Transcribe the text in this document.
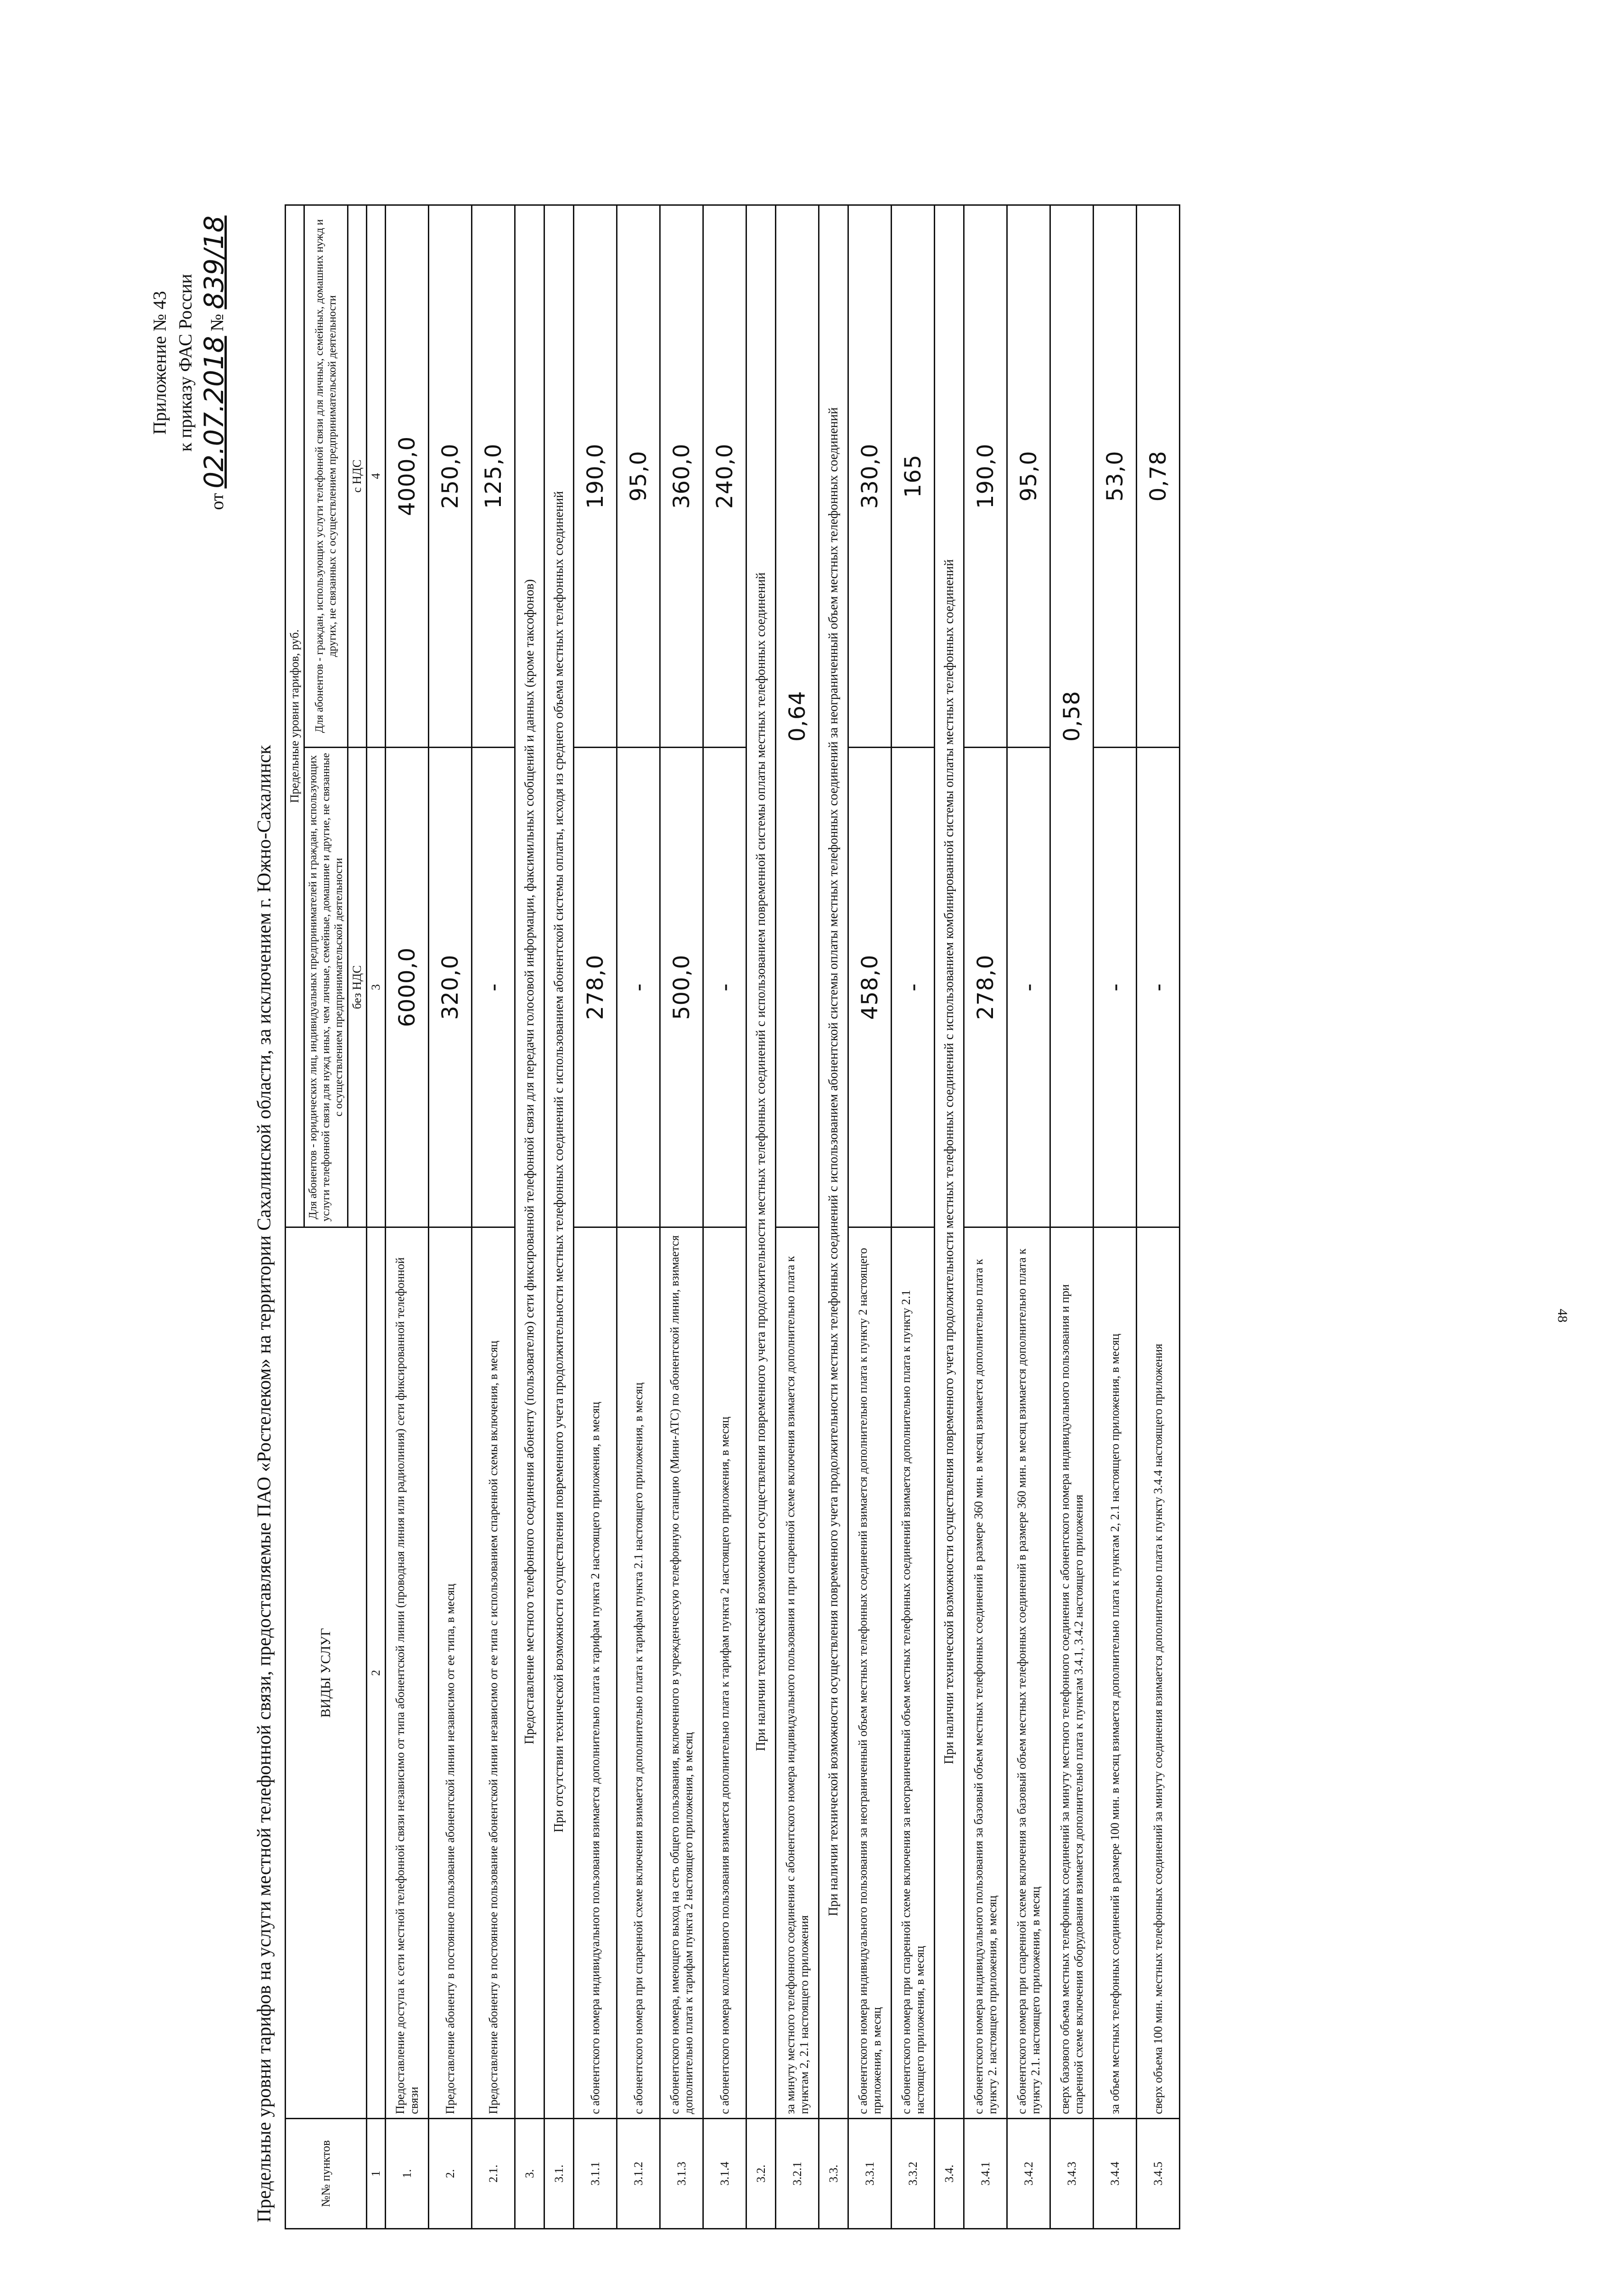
Приложение № 43 к приказу ФАС России
от 02.07.2018 № 839/18
Предельные уровни тарифов на услуги местной телефонной связи, предоставляемые ПАО «Ростелеком» на территории Сахалинской области, за исключением г. Южно-Сахалинск	№№ пунктов	ВИДЫ УСЛУГ	Предельные уровни тарифов, руб.	
		Для абонентов - юридических лиц, индивидуальных предпринимателей и граждан, использующих услуги телефонной связи для нужд иных, чем личные, семейные, домашние и другие, не связанные с осуществлением предпринимательской деятельности	Для абонентов - граждан, использующих услуги телефонной связи для личных, семейных, домашних нужд и других, не связанных с осуществлением предпринимательской деятельности
		без НДС	с НДС
1	2	3	4
1.	Предоставление доступа к сети местной телефонной связи независимо от типа абонентской линии (проводная линия или радиолиния) сети фиксированной телефонной связи	6000,0	4000,0
2.	Предоставление абоненту в постоянное пользование абонентской линии независимо от ее типа, в месяц	320,0	250,0
2.1.	Предоставление абоненту в постоянное пользование абонентской линии независимо от ее типа с использованием спаренной схемы включения, в месяц	-	125,0
3.	Предоставление местного телефонного соединения абоненту (пользователю) сети фиксированной телефонной связи для передачи голосовой информации, факсимильных сообщений и данных (кроме таксофонов)		
3.1.	При отсутствии технической возможности осуществления повременного учета продолжительности местных телефонных соединений с использованием абонентской системы оплаты, исходя из среднего объема местных телефонных соединений		
3.1.1	с абонентского номера индивидуального пользования взимается дополнительно плата к тарифам пункта 2 настоящего приложения, в месяц	278,0	190,0
3.1.2	с абонентского номера при спаренной схеме включения взимается дополнительно плата к тарифам пункта 2.1 настоящего приложения, в месяц	-	95,0
3.1.3	с абонентского номера, имеющего выход на сеть общего пользования, включенного в учрежденческую телефонную станцию (Мини-АТС) по абонентской линии, взимается дополнительно плата к тарифам пункта 2 настоящего приложения, в месяц	500,0	360,0
3.1.4	с абонентского номера коллективного пользования взимается дополнительно плата к тарифам пункта 2 настоящего приложения, в месяц	-	240,0
3.2.	При наличии технической возможности осуществления повременного учета продолжительности местных телефонных соединений с использованием повременной системы оплаты местных телефонных соединений		
3.2.1	за минуту местного телефонного соединения с абонентского номера индивидуального пользования и при спаренной схеме включения взимается дополнительно плата к пунктам 2, 2.1 настоящего приложения	0,64	
3.3.	При наличии технической возможности осуществления повременного учета продолжительности местных телефонных соединений с использованием абонентской системы оплаты местных телефонных соединений за неограниченный объем местных телефонных соединений		
3.3.1	с абонентского номера индивидуального пользования за неограниченный объем местных телефонных соединений взимается дополнительно плата к пункту 2 настоящего приложения, в месяц	458,0	330,0
3.3.2	с абонентского номера при спаренной схеме включения за неограниченный объем местных телефонных соединений взимается дополнительно плата к пункту 2.1 настоящего приложения, в месяц	-	165
3.4.	При наличии технической возможности осуществления повременного учета продолжительности местных телефонных соединений с использованием комбинированной системы оплаты местных телефонных соединений		
3.4.1	с абонентского номера индивидуального пользования за базовый объем местных телефонных соединений в размере 360 мин. в месяц взимается дополнительно плата к пункту 2. настоящего приложения, в месяц	278,0	190,0
3.4.2	с абонентского номера при спаренной схеме включения за базовый объем местных телефонных соединений в размере 360 мин. в месяц взимается дополнительно плата к пункту 2.1. настоящего приложения, в месяц	-	95,0
3.4.3	сверх базового объема местных телефонных соединений за минуту местного телефонного соединения с абонентского номера индивидуального пользования и при спаренной схеме включения оборудования взимается дополнительно плата к пунктам 3.4.1, 3.4.2 настоящего приложения	0,58	
3.4.4	за объем местных телефонных соединений в размере 100 мин. в месяц взимается дополнительно плата к пунктам 2, 2.1 настоящего приложения, в месяц	-	53,0
3.4.5	сверх объема 100 мин. местных телефонных соединений за минуту соединения взимается дополнительно плата к пункту 3.4.4 настоящего приложения	-	0,78
48
